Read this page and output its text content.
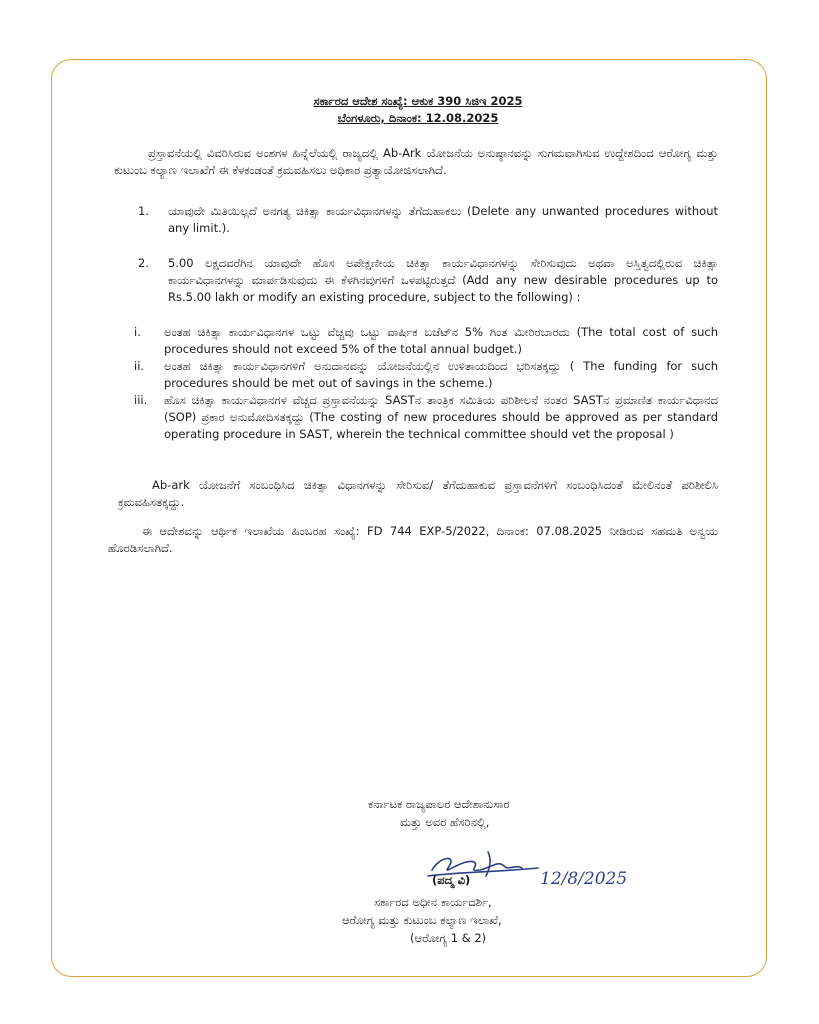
ಸರ್ಕಾರದ ಆದೇಶ ಸಂಖ್ಯೆ: ಆಕುಕ 390 ಸಿಜಿಇ 2025
ಬೆಂಗಳೂರು, ದಿನಾಂಕ: 12.08.2025
ಪ್ರಸ್ತಾವನೆಯಲ್ಲಿ ವಿವರಿಸಿರುವ ಅಂಶಗಳ ಹಿನ್ನೆಲೆಯಲ್ಲಿ ರಾಜ್ಯದಲ್ಲಿ Ab-Ark ಯೋಜನೆಯ ಅನುಷ್ಠಾನವನ್ನು ಸುಗಮವಾಗಿಸುವ ಉದ್ದೇಶದಿಂದ ಆರೋಗ್ಯ ಮತ್ತು ಕುಟುಂಬ ಕಲ್ಯಾಣ ಇಲಾಖೆಗೆ ಈ ಕೆಳಕಂಡಂತೆ ಕ್ರಮವಹಿಸಲು ಅಧಿಕಾರ ಪ್ರತ್ಯಾಯೋಜಿಸಲಾಗಿದೆ.
1.	ಯಾವುದೇ ಮಿತಿಯಿಲ್ಲದೆ ಅನಗತ್ಯ ಚಿಕಿತ್ಸಾ ಕಾರ್ಯವಿಧಾನಗಳನ್ನು ತೆಗೆದುಹಾಕಲು (Delete any unwanted procedures without any limit.).
2.	5.00 ಲಕ್ಷದವರೆಗಿನ ಯಾವುದೇ ಹೊಸ ಅಪೇಕ್ಷಣೀಯ ಚಿಕಿತ್ಸಾ ಕಾರ್ಯವಿಧಾನಗಳನ್ನು ಸೇರಿಸುವುದು ಅಥವಾ ಅಸ್ತಿತ್ವದಲ್ಲಿರುವ ಚಿಕಿತ್ಸಾ ಕಾರ್ಯವಿಧಾನಗಳನ್ನು ಮಾರ್ಪಡಿಸುವುದು ಈ ಕೆಳಗಿನವುಗಳಿಗೆ ಒಳಪಟ್ಟಿರುತ್ತದೆ (Add any new desirable procedures up to Rs.5.00 lakh or modify an existing procedure, subject to the following) :
i.	ಅಂತಹ ಚಿಕಿತ್ಸಾ ಕಾರ್ಯವಿಧಾನಗಳ ಒಟ್ಟು ವೆಚ್ಚವು ಒಟ್ಟು ವಾರ್ಷಿಕ ಬಜೆಟ್‌ನ 5% ಗಿಂತ ಮೀರಿರಬಾರದು (The total cost of such procedures should not exceed 5% of the total annual budget.)
ii.	ಅಂತಹ ಚಿಕಿತ್ಸಾ ಕಾರ್ಯವಿಧಾನಗಳಿಗೆ ಅನುದಾನವನ್ನು ಯೋಜನೆಯಲ್ಲಿನ ಉಳಿತಾಯದಿಂದ ಭರಿಸತಕ್ಕದ್ದು ( The funding for such procedures should be met out of savings in the scheme.)
iii.	ಹೊಸ ಚಿಕಿತ್ಸಾ ಕಾರ್ಯವಿಧಾನಗಳ ವೆಚ್ಚದ ಪ್ರಸ್ತಾವನೆಯನ್ನು SASTನ ತಾಂತ್ರಿಕ ಸಮಿತಿಯ ಪರಿಶೀಲನೆ ನಂತರ SASTನ ಪ್ರಮಾಣಿತ ಕಾರ್ಯವಿಧಾನದ (SOP) ಪ್ರಕಾರ ಅನುಮೋದಿಸತಕ್ಕದ್ದು (The costing of new procedures should be approved as per standard operating procedure in SAST, wherein the technical committee should vet the proposal )
Ab-ark ಯೋಜನೆಗೆ ಸಂಬಂಧಿಸಿದ ಚಿಕಿತ್ಸಾ ವಿಧಾನಗಳನ್ನು ಸೇರಿಸುವ/ ತೆಗೆದುಹಾಕುವ ಪ್ರಸ್ತಾವನೆಗಳಿಗೆ ಸಂಬಂಧಿಸಿದಂತೆ ಮೇಲಿನಂತೆ ಪರಿಶೀಲಿಸಿ ಕ್ರಮವಹಿಸತಕ್ಕದ್ದು.
ಈ ಆದೇಶವನ್ನು ಆರ್ಥಿಕ ಇಲಾಖೆಯ ಹಿಂಬರಹ ಸಂಖ್ಯೆ: FD 744 EXP-5/2022, ದಿನಾಂಕ: 07.08.2025 ನೀಡಿರುವ ಸಹಮತಿ ಅನ್ವಯ ಹೊರಡಿಸಲಾಗಿದೆ.
ಕರ್ನಾಟಕ ರಾಜ್ಯಪಾಲರ ಆದೇಶಾನುಸಾರ
ಮತ್ತು ಅವರ ಹೆಸರಿನಲ್ಲಿ,
12/8/2025
(ಪದ್ಮ ವಿ)
ಸರ್ಕಾರದ ಅಧೀನ ಕಾರ್ಯದರ್ಶಿ,
ಆರೋಗ್ಯ ಮತ್ತು ಕುಟುಂಬ ಕಲ್ಯಾಣ ಇಲಾಖೆ,
(ಆರೋಗ್ಯ 1 & 2)
